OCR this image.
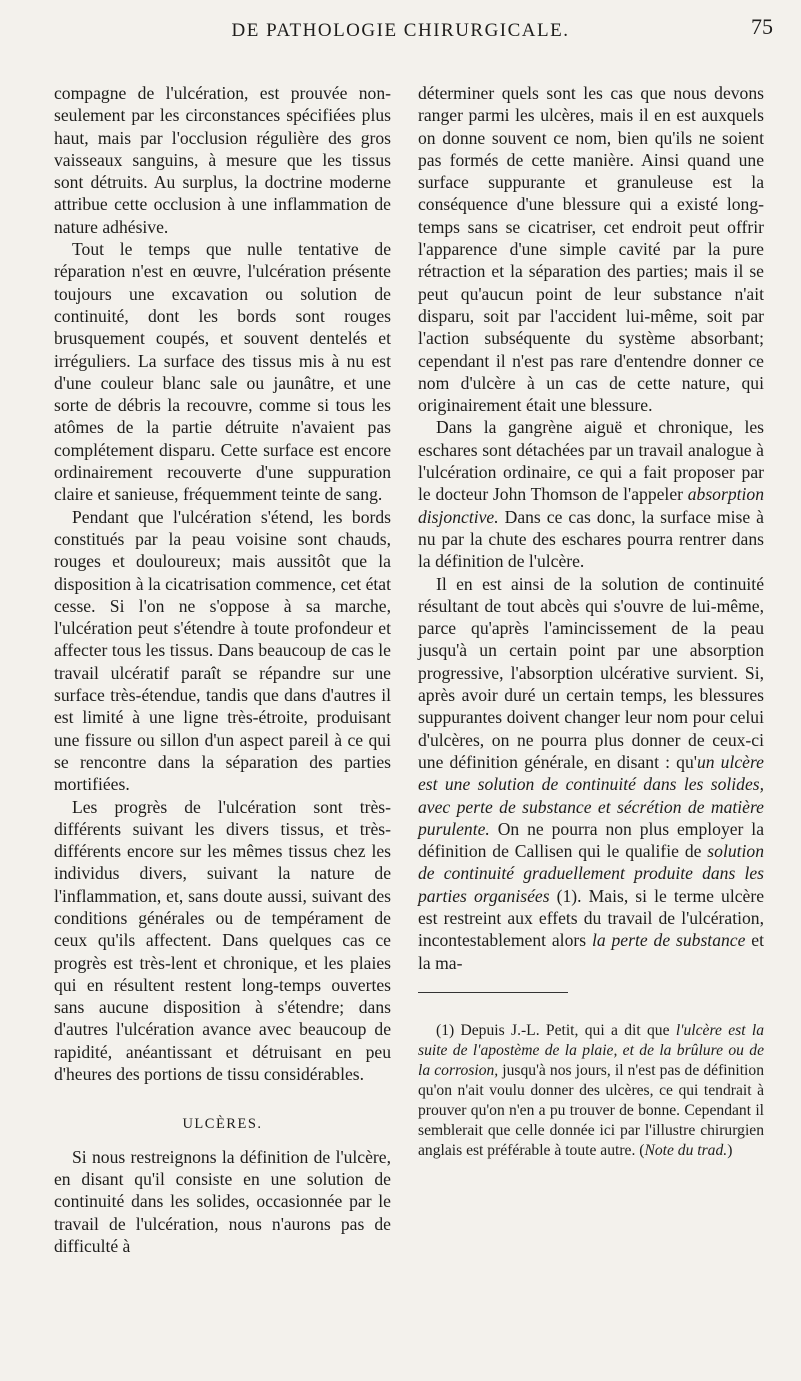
DE PATHOLOGIE CHIRURGICALE.	75

compagne de l'ulcération, est prouvée non-seulement par les circonstances spécifiées plus haut, mais par l'occlusion régulière des gros vaisseaux sanguins, à mesure que les tissus sont détruits. Au surplus, la doctrine moderne attribue cette occlusion à une inflammation de nature adhésive.

Tout le temps que nulle tentative de réparation n'est en œuvre, l'ulcération présente toujours une excavation ou solution de continuité, dont les bords sont rouges brusquement coupés, et souvent dentelés et irréguliers. La surface des tissus mis à nu est d'une couleur blanc sale ou jaunâtre, et une sorte de débris la recouvre, comme si tous les atômes de la partie détruite n'avaient pas complétement disparu. Cette surface est encore ordinairement recouverte d'une suppuration claire et sanieuse, fréquemment teinte de sang.

Pendant que l'ulcération s'étend, les bords constitués par la peau voisine sont chauds, rouges et douloureux; mais aussitôt que la disposition à la cicatrisation commence, cet état cesse. Si l'on ne s'oppose à sa marche, l'ulcération peut s'étendre à toute profondeur et affecter tous les tissus. Dans beaucoup de cas le travail ulcératif paraît se répandre sur une surface très-étendue, tandis que dans d'autres il est limité à une ligne très-étroite, produisant une fissure ou sillon d'un aspect pareil à ce qui se rencontre dans la séparation des parties mortifiées.

Les progrès de l'ulcération sont très-différents suivant les divers tissus, et très-différents encore sur les mêmes tissus chez les individus divers, suivant la nature de l'inflammation, et, sans doute aussi, suivant des conditions générales ou de tempérament de ceux qu'ils affectent. Dans quelques cas ce progrès est très-lent et chronique, et les plaies qui en résultent restent long-temps ouvertes sans aucune disposition à s'étendre; dans d'autres l'ulcération avance avec beaucoup de rapidité, anéantissant et détruisant en peu d'heures des portions de tissu considérables.

ULCÈRES.

Si nous restreignons la définition de l'ulcère, en disant qu'il consiste en une solution de continuité dans les solides, occasionnée par le travail de l'ulcération, nous n'aurons pas de difficulté à

déterminer quels sont les cas que nous devons ranger parmi les ulcères, mais il en est auxquels on donne souvent ce nom, bien qu'ils ne soient pas formés de cette manière. Ainsi quand une surface suppurante et granuleuse est la conséquence d'une blessure qui a existé long-temps sans se cicatriser, cet endroit peut offrir l'apparence d'une simple cavité par la pure rétraction et la séparation des parties; mais il se peut qu'aucun point de leur substance n'ait disparu, soit par l'accident lui-même, soit par l'action subséquente du système absorbant; cependant il n'est pas rare d'entendre donner ce nom d'ulcère à un cas de cette nature, qui originairement était une blessure.

Dans la gangrène aiguë et chronique, les eschares sont détachées par un travail analogue à l'ulcération ordinaire, ce qui a fait proposer par le docteur John Thomson de l'appeler absorption disjonctive. Dans ce cas donc, la surface mise à nu par la chute des eschares pourra rentrer dans la définition de l'ulcère.

Il en est ainsi de la solution de continuité résultant de tout abcès qui s'ouvre de lui-même, parce qu'après l'amincissement de la peau jusqu'à un certain point par une absorption progressive, l'absorption ulcérative survient. Si, après avoir duré un certain temps, les blessures suppurantes doivent changer leur nom pour celui d'ulcères, on ne pourra plus donner de ceux-ci une définition générale, en disant : qu'un ulcère est une solution de continuité dans les solides, avec perte de substance et sécrétion de matière purulente. On ne pourra non plus employer la définition de Callisen qui le qualifie de solution de continuité graduellement produite dans les parties organisées (1). Mais, si le terme ulcère est restreint aux effets du travail de l'ulcération, incontestablement alors la perte de substance et la ma-

(1) Depuis J.-L. Petit, qui a dit que l'ulcère est la suite de l'apostème de la plaie, et de la brûlure ou de la corrosion, jusqu'à nos jours, il n'est pas de définition qu'on n'ait voulu donner des ulcères, ce qui tendrait à prouver qu'on n'en a pu trouver de bonne. Cependant il semblerait que celle donnée ici par l'illustre chirurgien anglais est préférable à toute autre. (Note du trad.)
